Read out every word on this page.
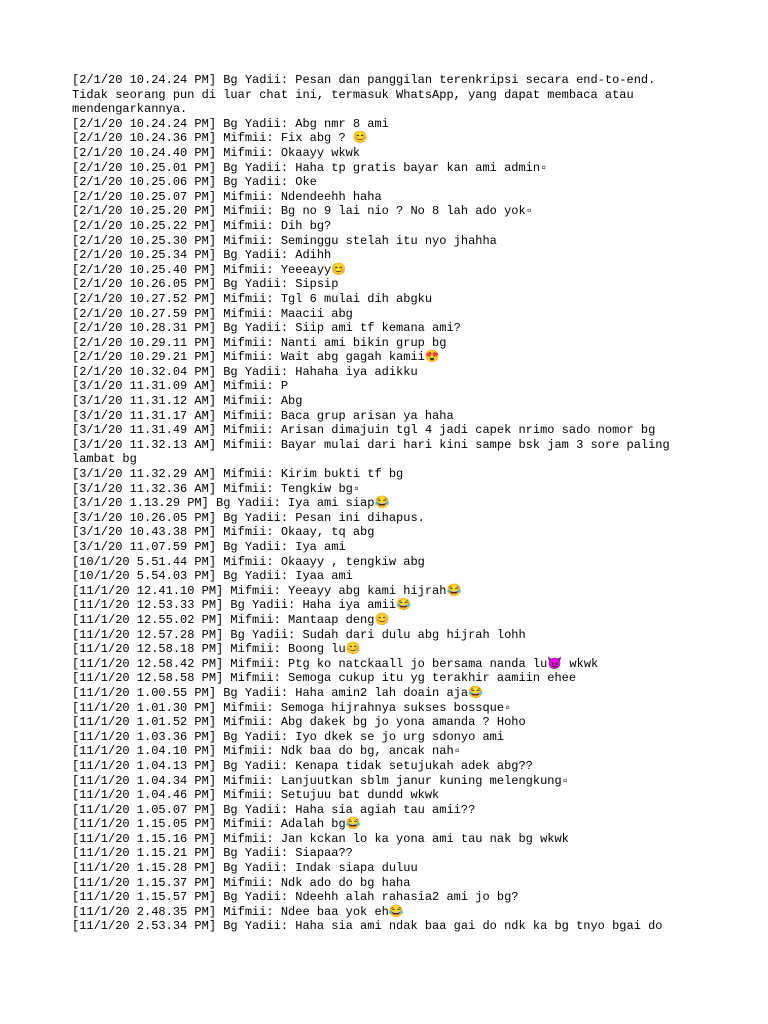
[2/1/20 10.24.24 PM] Bg Yadii: Pesan dan panggilan terenkripsi secara end-to-end.
Tidak seorang pun di luar chat ini, termasuk WhatsApp, yang dapat membaca atau
mendengarkannya.
[2/1/20 10.24.24 PM] Bg Yadii: Abg nmr 8 ami
[2/1/20 10.24.36 PM] Mifmii: Fix abg ? 😊
[2/1/20 10.24.40 PM] Mifmii: Okaayy wkwk
[2/1/20 10.25.01 PM] Bg Yadii: Haha tp gratis bayar kan ami admin▫
[2/1/20 10.25.06 PM] Bg Yadii: Oke
[2/1/20 10.25.07 PM] Mifmii: Ndendeehh haha
[2/1/20 10.25.20 PM] Mifmii: Bg no 9 lai nio ? No 8 lah ado yok▫
[2/1/20 10.25.22 PM] Mifmii: Dih bg?
[2/1/20 10.25.30 PM] Mifmii: Seminggu stelah itu nyo jhahha
[2/1/20 10.25.34 PM] Bg Yadii: Adihh
[2/1/20 10.25.40 PM] Mifmii: Yeeeayy😊
[2/1/20 10.26.05 PM] Bg Yadii: Sipsip
[2/1/20 10.27.52 PM] Mifmii: Tgl 6 mulai dih abgku
[2/1/20 10.27.59 PM] Mifmii: Maacii abg
[2/1/20 10.28.31 PM] Bg Yadii: Siip ami tf kemana ami?
[2/1/20 10.29.11 PM] Mifmii: Nanti ami bikin grup bg
[2/1/20 10.29.21 PM] Mifmii: Wait abg gagah kamii😍
[2/1/20 10.32.04 PM] Bg Yadii: Hahaha iya adikku
[3/1/20 11.31.09 AM] Mifmii: P
[3/1/20 11.31.12 AM] Mifmii: Abg
[3/1/20 11.31.17 AM] Mifmii: Baca grup arisan ya haha
[3/1/20 11.31.49 AM] Mifmii: Arisan dimajuin tgl 4 jadi capek nrimo sado nomor bg
[3/1/20 11.32.13 AM] Mifmii: Bayar mulai dari hari kini sampe bsk jam 3 sore paling
lambat bg
[3/1/20 11.32.29 AM] Mifmii: Kirim bukti tf bg
[3/1/20 11.32.36 AM] Mifmii: Tengkiw bg▫
[3/1/20 1.13.29 PM] Bg Yadii: Iya ami siap😂
[3/1/20 10.26.05 PM] Bg Yadii: Pesan ini dihapus.
[3/1/20 10.43.38 PM] Mifmii: Okaay, tq abg
[3/1/20 11.07.59 PM] Bg Yadii: Iya ami
[10/1/20 5.51.44 PM] Mifmii: Okaayy , tengkiw abg
[10/1/20 5.54.03 PM] Bg Yadii: Iyaa ami
[11/1/20 12.41.10 PM] Mifmii: Yeeayy abg kami hijrah😂
[11/1/20 12.53.33 PM] Bg Yadii: Haha iya amii😂
[11/1/20 12.55.02 PM] Mifmii: Mantaap deng😊
[11/1/20 12.57.28 PM] Bg Yadii: Sudah dari dulu abg hijrah lohh
[11/1/20 12.58.18 PM] Mifmii: Boong lu😊
[11/1/20 12.58.42 PM] Mifmii: Ptg ko natckaall jo bersama nanda lu😈 wkwk
[11/1/20 12.58.58 PM] Mifmii: Semoga cukup itu yg terakhir aamiin ehee
[11/1/20 1.00.55 PM] Bg Yadii: Haha amin2 lah doain aja😂
[11/1/20 1.01.30 PM] Mifmii: Semoga hijrahnya sukses bossque▫
[11/1/20 1.01.52 PM] Mifmii: Abg dakek bg jo yona amanda ? Hoho
[11/1/20 1.03.36 PM] Bg Yadii: Iyo dkek se jo urg sdonyo ami
[11/1/20 1.04.10 PM] Mifmii: Ndk baa do bg, ancak nah▫
[11/1/20 1.04.13 PM] Bg Yadii: Kenapa tidak setujukah adek abg??
[11/1/20 1.04.34 PM] Mifmii: Lanjuutkan sblm janur kuning melengkung▫
[11/1/20 1.04.46 PM] Mifmii: Setujuu bat dundd wkwk
[11/1/20 1.05.07 PM] Bg Yadii: Haha sia agiah tau amii??
[11/1/20 1.15.05 PM] Mifmii: Adalah bg😂
[11/1/20 1.15.16 PM] Mifmii: Jan kckan lo ka yona ami tau nak bg wkwk
[11/1/20 1.15.21 PM] Bg Yadii: Siapaa??
[11/1/20 1.15.28 PM] Bg Yadii: Indak siapa duluu
[11/1/20 1.15.37 PM] Mifmii: Ndk ado do bg haha
[11/1/20 1.15.57 PM] Bg Yadii: Ndeehh alah rahasia2 ami jo bg?
[11/1/20 2.48.35 PM] Mifmii: Ndee baa yok eh😂
[11/1/20 2.53.34 PM] Bg Yadii: Haha sia ami ndak baa gai do ndk ka bg tnyo bgai do
